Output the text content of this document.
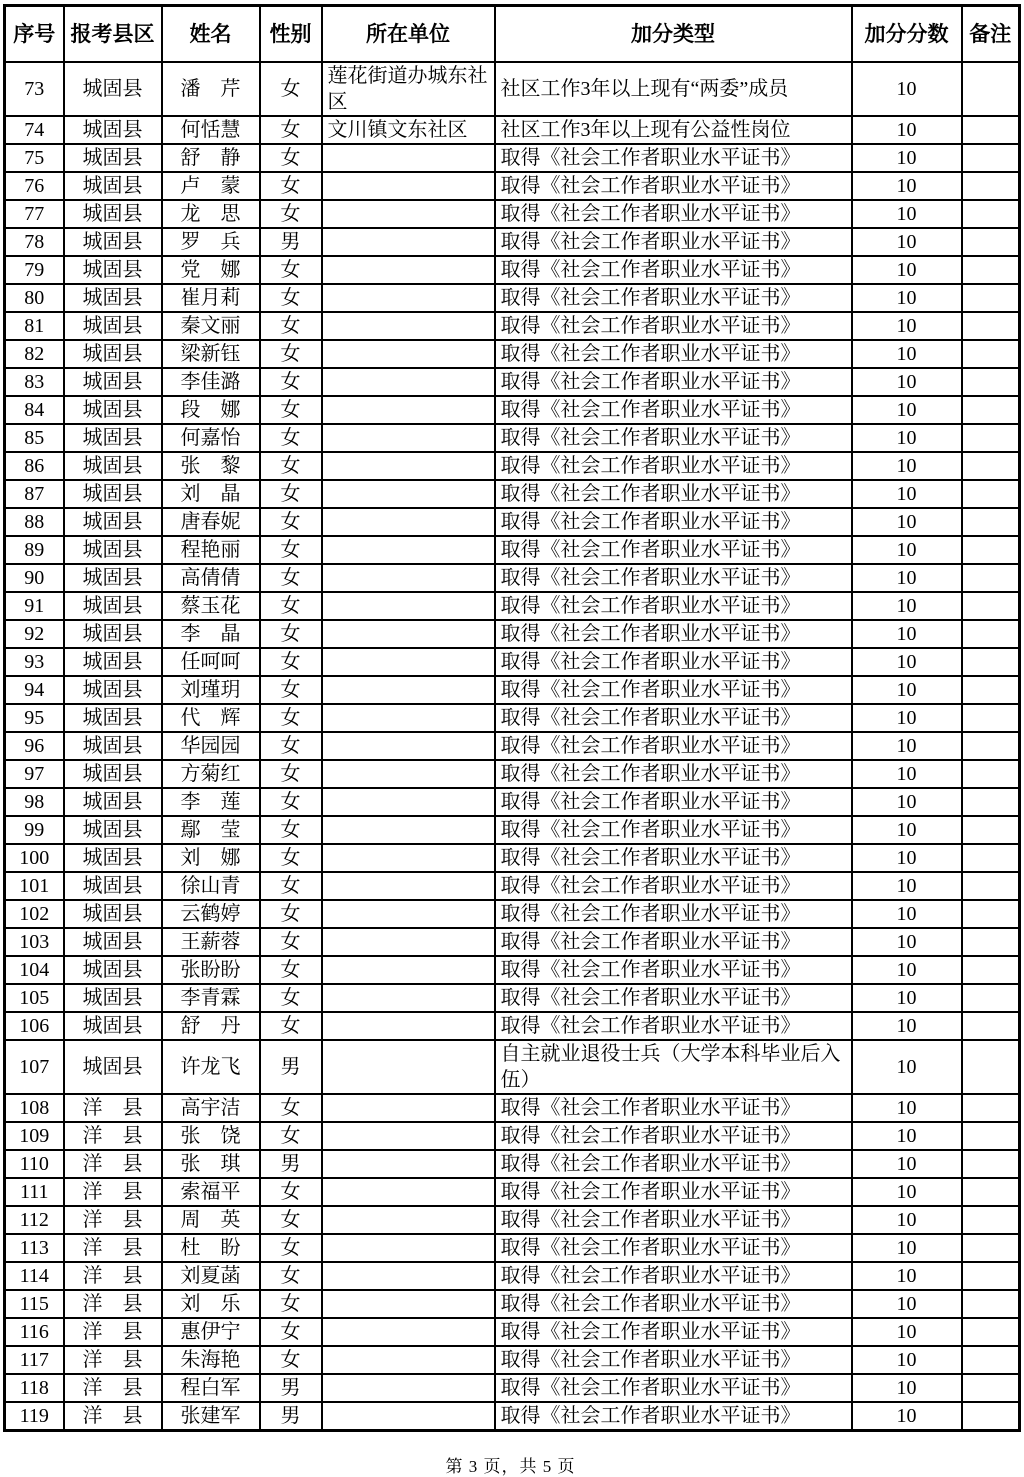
序号	报考县区	姓名	性别	所在单位	加分类型	加分分数	备注
73	城固县	潘　芹	女	莲花街道办城东社区	社区工作3年以上现有“两委”成员	10	
74	城固县	何恬慧	女	文川镇文东社区	社区工作3年以上现有公益性岗位	10	
75	城固县	舒　静	女		取得《社会工作者职业水平证书》	10	
76	城固县	卢　蒙	女		取得《社会工作者职业水平证书》	10	
77	城固县	龙　思	女		取得《社会工作者职业水平证书》	10	
78	城固县	罗　兵	男		取得《社会工作者职业水平证书》	10	
79	城固县	党　娜	女		取得《社会工作者职业水平证书》	10	
80	城固县	崔月莉	女		取得《社会工作者职业水平证书》	10	
81	城固县	秦文丽	女		取得《社会工作者职业水平证书》	10	
82	城固县	梁新钰	女		取得《社会工作者职业水平证书》	10	
83	城固县	李佳潞	女		取得《社会工作者职业水平证书》	10	
84	城固县	段　娜	女		取得《社会工作者职业水平证书》	10	
85	城固县	何嘉怡	女		取得《社会工作者职业水平证书》	10	
86	城固县	张　黎	女		取得《社会工作者职业水平证书》	10	
87	城固县	刘　晶	女		取得《社会工作者职业水平证书》	10	
88	城固县	唐春妮	女		取得《社会工作者职业水平证书》	10	
89	城固县	程艳丽	女		取得《社会工作者职业水平证书》	10	
90	城固县	高倩倩	女		取得《社会工作者职业水平证书》	10	
91	城固县	蔡玉花	女		取得《社会工作者职业水平证书》	10	
92	城固县	李　晶	女		取得《社会工作者职业水平证书》	10	
93	城固县	任呵呵	女		取得《社会工作者职业水平证书》	10	
94	城固县	刘瑾玥	女		取得《社会工作者职业水平证书》	10	
95	城固县	代　辉	女		取得《社会工作者职业水平证书》	10	
96	城固县	华园园	女		取得《社会工作者职业水平证书》	10	
97	城固县	方菊红	女		取得《社会工作者职业水平证书》	10	
98	城固县	李　莲	女		取得《社会工作者职业水平证书》	10	
99	城固县	鄢　莹	女		取得《社会工作者职业水平证书》	10	
100	城固县	刘　娜	女		取得《社会工作者职业水平证书》	10	
101	城固县	徐山青	女		取得《社会工作者职业水平证书》	10	
102	城固县	云鹤婷	女		取得《社会工作者职业水平证书》	10	
103	城固县	王薪蓉	女		取得《社会工作者职业水平证书》	10	
104	城固县	张盼盼	女		取得《社会工作者职业水平证书》	10	
105	城固县	李青霖	女		取得《社会工作者职业水平证书》	10	
106	城固县	舒　丹	女		取得《社会工作者职业水平证书》	10	
107	城固县	许龙飞	男		自主就业退役士兵（大学本科毕业后入伍）	10	
108	洋　县	高宇洁	女		取得《社会工作者职业水平证书》	10	
109	洋　县	张　饶	女		取得《社会工作者职业水平证书》	10	
110	洋　县	张　琪	男		取得《社会工作者职业水平证书》	10	
111	洋　县	索福平	女		取得《社会工作者职业水平证书》	10	
112	洋　县	周　英	女		取得《社会工作者职业水平证书》	10	
113	洋　县	杜　盼	女		取得《社会工作者职业水平证书》	10	
114	洋　县	刘夏菡	女		取得《社会工作者职业水平证书》	10	
115	洋　县	刘　乐	女		取得《社会工作者职业水平证书》	10	
116	洋　县	惠伊宁	女		取得《社会工作者职业水平证书》	10	
117	洋　县	朱海艳	女		取得《社会工作者职业水平证书》	10	
118	洋　县	程白军	男		取得《社会工作者职业水平证书》	10	
119	洋　县	张建军	男		取得《社会工作者职业水平证书》	10	
第 3 页，共 5 页
